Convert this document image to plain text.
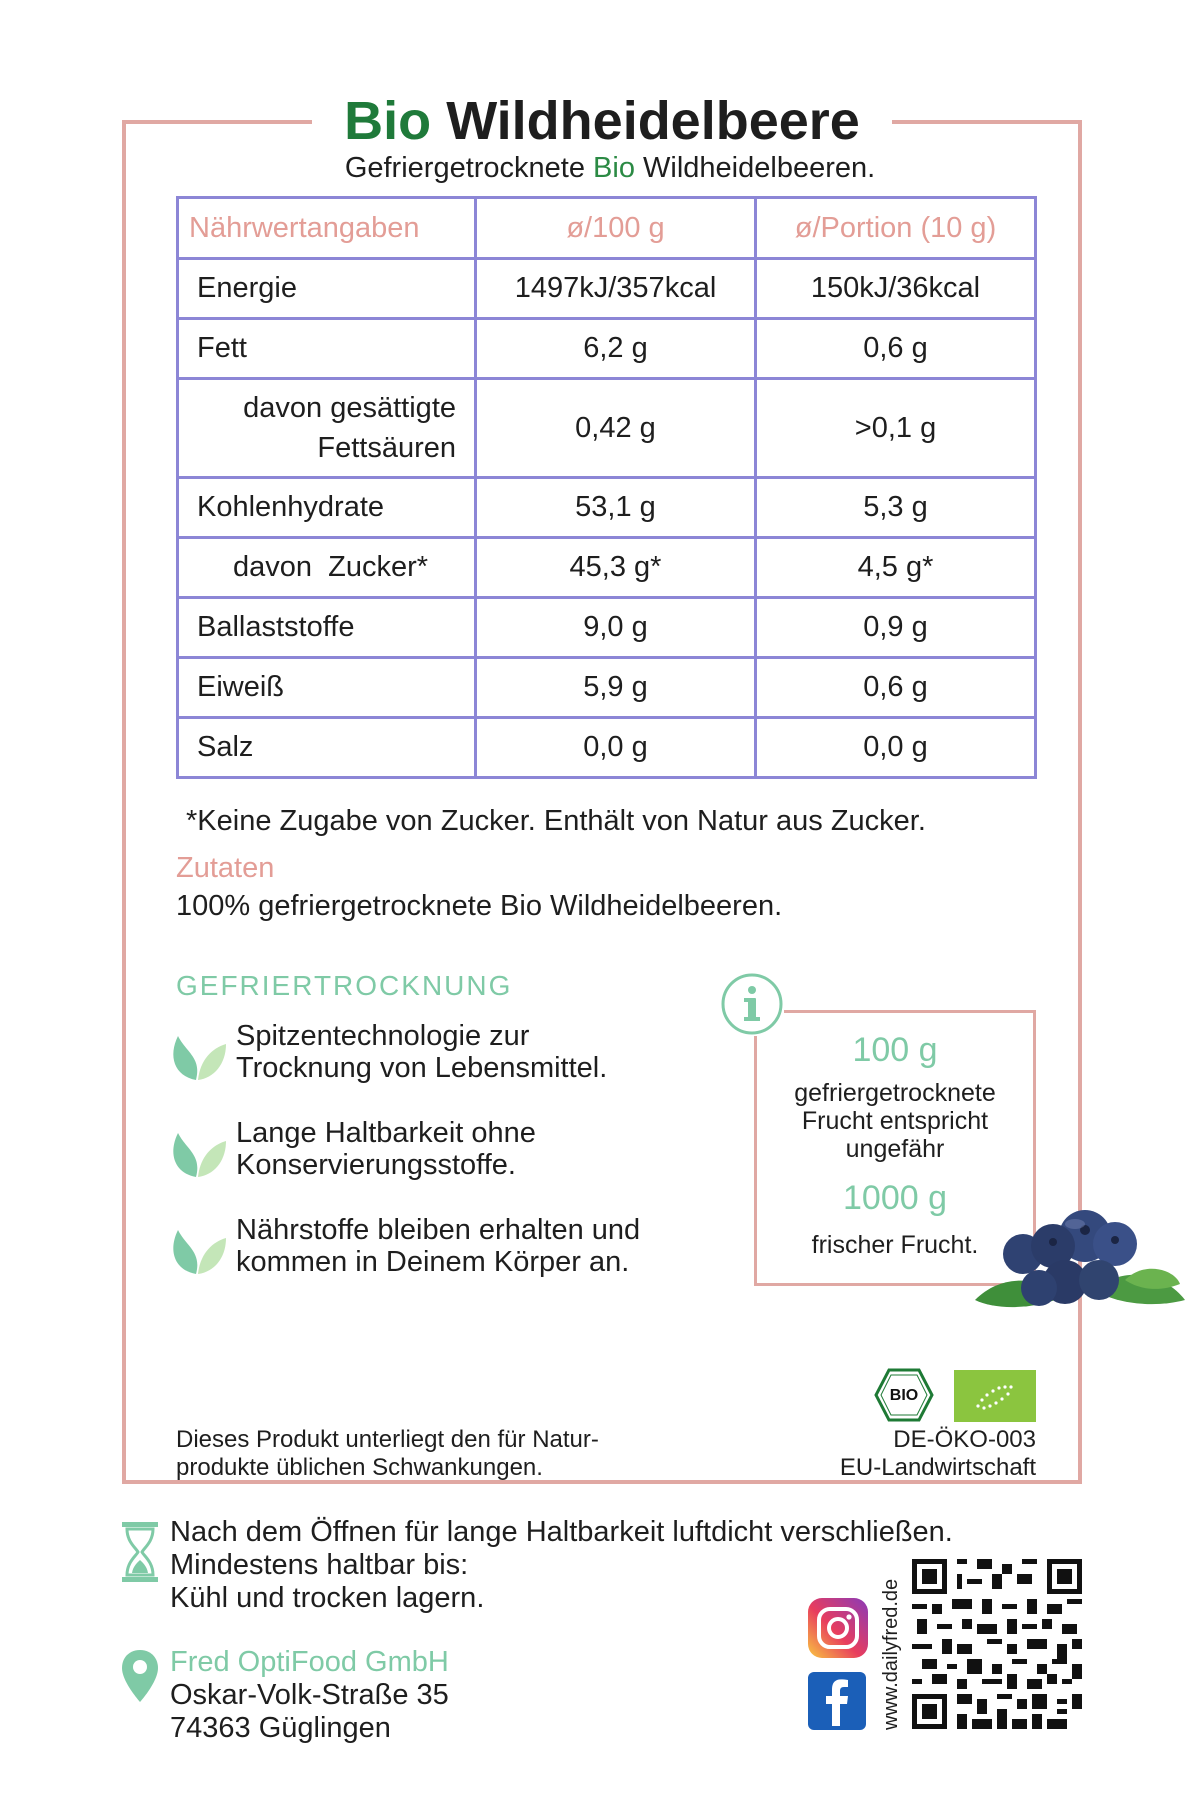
Bio Wildheidelbeere
Gefriergetrocknete Bio Wildheidelbeeren.
Nährwertangaben	ø/100 g	ø/Portion (10 g)
Energie	1497kJ/357kcal	150kJ/36kcal
Fett	6,2 g	0,6 g

davon gesättigte
Fettsäuren	0,42 g	>0,1 g
Kohlenhydrate	53,1 g	5,3 g
davon  Zucker*	45,3 g*	4,5 g*
Ballaststoffe	9,0 g	0,9 g
Eiweiß	5,9 g	0,6 g
Salz	0,0 g	0,0 g
*Keine Zugabe von Zucker. Enthält von Natur aus Zucker.
Zutaten
100% gefriergetrocknete Bio Wildheidelbeeren.
GEFRIERTROCKNUNG
Spitzentechnologie zur
Trocknung von Lebensmittel.
Lange Haltbarkeit ohne
Konservierungsstoffe.
Nährstoffe bleiben erhalten und
kommen in Deinem Körper an.
100 g
gefriergetrocknete
Frucht entspricht
ungefähr
1000 g
frischer Frucht.
Dieses Produkt unterliegt den für Natur-
produkte üblichen Schwankungen.
BIO
DE-ÖKO-003
EU-Landwirtschaft
Nach dem Öffnen für lange Haltbarkeit luftdicht verschließen.
Mindestens haltbar bis:
Kühl und trocken lagern.
Fred OptiFood GmbH
Oskar-Volk-Straße 35
74363 Güglingen	www.dailyfred.de
